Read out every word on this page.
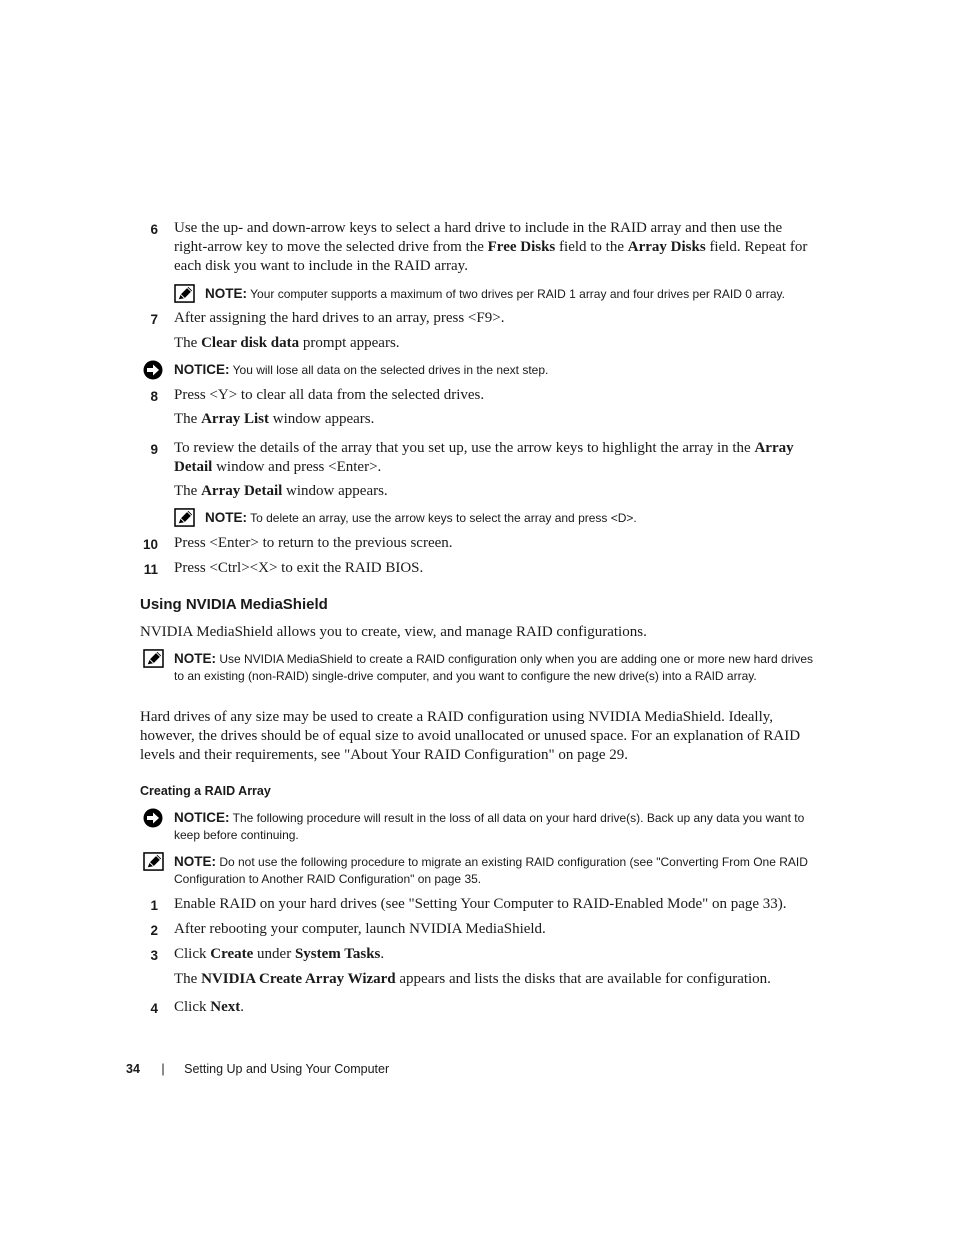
6 Use the up- and down-arrow keys to select a hard drive to include in the RAID array and then use the right-arrow key to move the selected drive from the Free Disks field to the Array Disks field. Repeat for each disk you want to include in the RAID array.
NOTE: Your computer supports a maximum of two drives per RAID 1 array and four drives per RAID 0 array.
7 After assigning the hard drives to an array, press <F9>.
The Clear disk data prompt appears.
NOTICE: You will lose all data on the selected drives in the next step.
8 Press <Y> to clear all data from the selected drives.
The Array List window appears.
9 To review the details of the array that you set up, use the arrow keys to highlight the array in the Array Detail window and press <Enter>.
The Array Detail window appears.
NOTE: To delete an array, use the arrow keys to select the array and press <D>.
10 Press <Enter> to return to the previous screen.
11 Press <Ctrl><X> to exit the RAID BIOS.
Using NVIDIA MediaShield
NVIDIA MediaShield allows you to create, view, and manage RAID configurations.
NOTE: Use NVIDIA MediaShield to create a RAID configuration only when you are adding one or more new hard drives to an existing (non-RAID) single-drive computer, and you want to configure the new drive(s) into a RAID array.
Hard drives of any size may be used to create a RAID configuration using NVIDIA MediaShield. Ideally, however, the drives should be of equal size to avoid unallocated or unused space. For an explanation of RAID levels and their requirements, see "About Your RAID Configuration" on page 29.
Creating a RAID Array
NOTICE: The following procedure will result in the loss of all data on your hard drive(s). Back up any data you want to keep before continuing.
NOTE: Do not use the following procedure to migrate an existing RAID configuration (see "Converting From One RAID Configuration to Another RAID Configuration" on page 35.
1 Enable RAID on your hard drives (see "Setting Your Computer to RAID-Enabled Mode" on page 33).
2 After rebooting your computer, launch NVIDIA MediaShield.
3 Click Create under System Tasks.
The NVIDIA Create Array Wizard appears and lists the disks that are available for configuration.
4 Click Next.
34 | Setting Up and Using Your Computer
